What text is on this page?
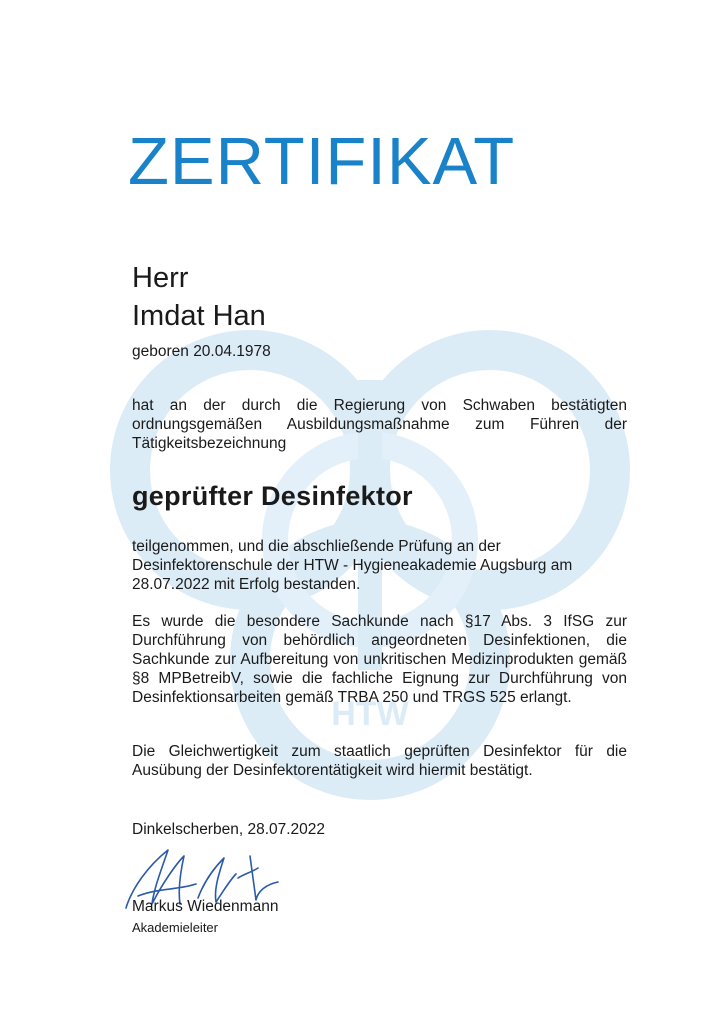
HTW
ZERTIFIKAT
Herr
Imdat Han
geboren 20.04.1978
hat an der durch die Regierung von Schwaben bestätigten ordnungsgemäßen Ausbildungsmaßnahme zum Führen der Tätigkeitsbezeichnung
geprüfter Desinfektor
teilgenommen, und die abschließende Prüfung an der Desinfektorenschule der HTW - Hygieneakademie Augsburg am 28.07.2022 mit Erfolg bestanden.
Es wurde die besondere Sachkunde nach §17 Abs. 3 IfSG zur Durchführung von behördlich angeordneten Desinfektionen, die Sachkunde zur Aufbereitung von unkritischen Medizinprodukten gemäß §8 MPBetreibV, sowie die fachliche Eignung zur Durchführung von Desinfektionsarbeiten gemäß TRBA 250 und TRGS 525 erlangt.
Die Gleichwertigkeit zum staatlich geprüften Desinfektor für die Ausübung der Desinfektorentätigkeit wird hiermit bestätigt.
Dinkelscherben, 28.07.2022
Markus Wiedenmann
Akademieleiter
